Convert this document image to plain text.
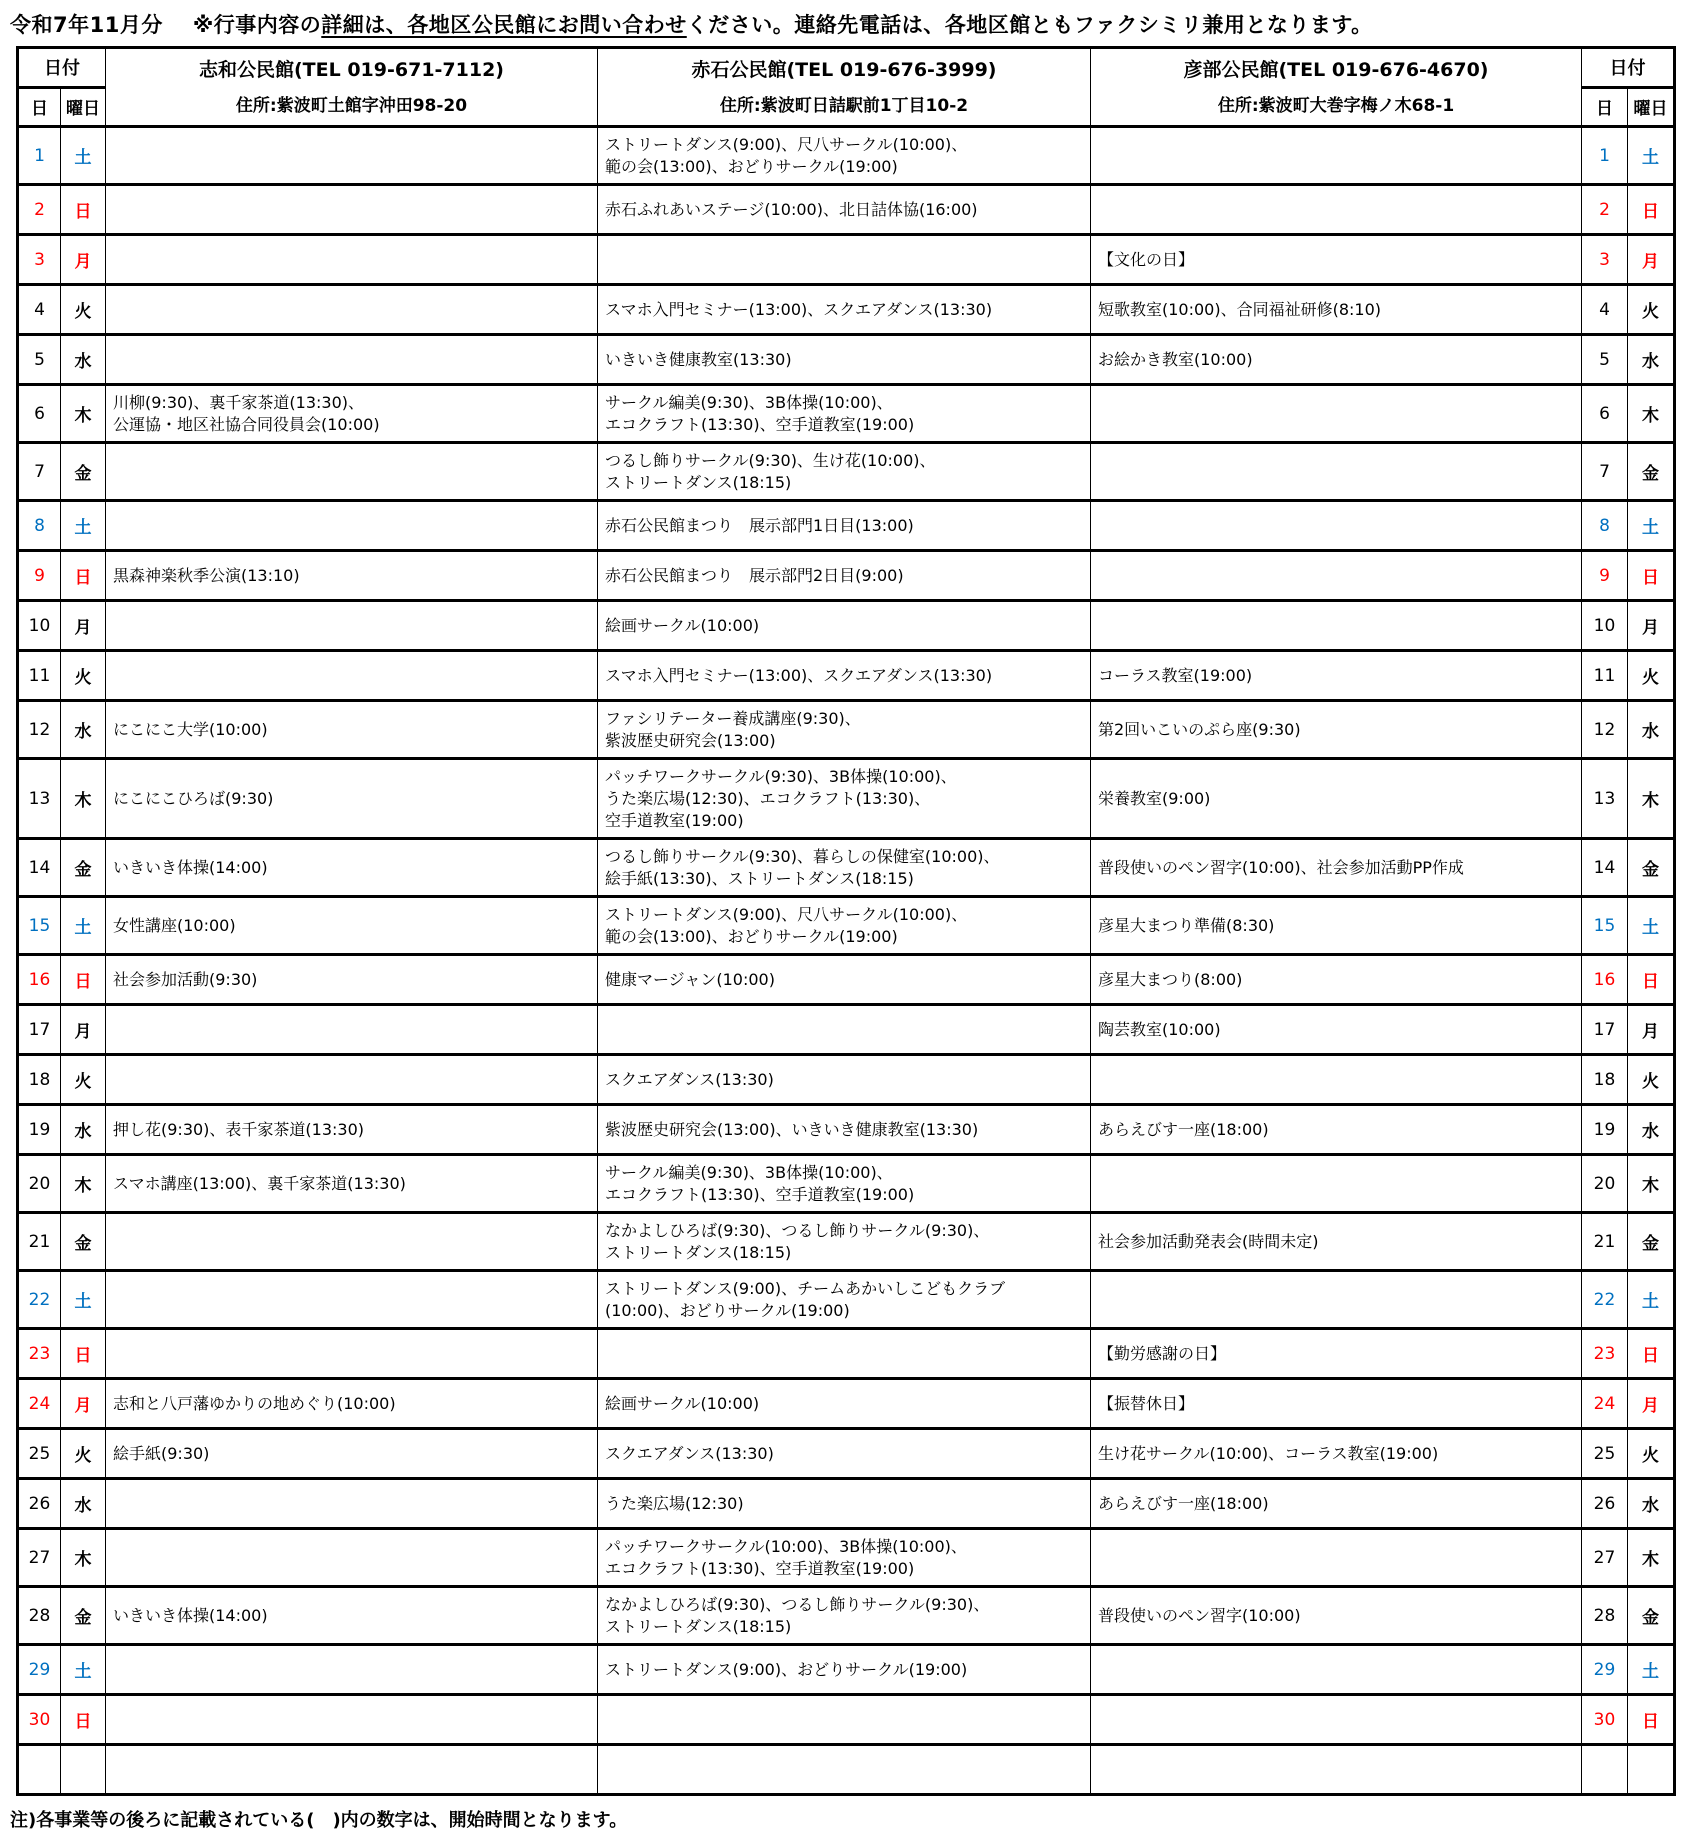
令和7年11月分 ※行事内容の詳細は、各地区公民館にお問い合わせください。連絡先電話は、各地区館ともファクシミリ兼用となります。
日付	志和公民館(TEL 019-671-7112)
住所:紫波町土館字沖田98-20

赤石公民館(TEL 019-676-3999)
住所:紫波町日詰駅前1丁目10-2

彦部公民館(TEL 019-676-4670)
住所:紫波町大巻字梅ノ木68-1
	日付
日	曜日				日	曜日
1	土		ストリートダンス(9:00)、尺八サークル(10:00)、
範の会(13:00)、おどりサークル(19:00)		1	土
2	日		赤石ふれあいステージ(10:00)、北日詰体協(16:00)		2	日
3	月			【文化の日】	3	月
4	火		スマホ入門セミナー(13:00)、スクエアダンス(13:30)	短歌教室(10:00)、合同福祉研修(8:10)	4	火
5	水		いきいき健康教室(13:30)	お絵かき教室(10:00)	5	水
6	木	
川柳(9:30)、裏千家茶道(13:30)、
公運協・地区社協合同役員会(10:00)

サークル編美(9:30)、3B体操(10:00)、
エコクラフト(13:30)、空手道教室(19:00)
		6	木
7	金		つるし飾りサークル(9:30)、生け花(10:00)、
ストリートダンス(18:15)		7	金
8	土		赤石公民館まつり　展示部門1日目(13:00)		8	土
9	日	黒森神楽秋季公演(13:10)	赤石公民館まつり　展示部門2日目(9:00)		9	日
10	月		絵画サークル(10:00)		10	月
11	火		スマホ入門セミナー(13:00)、スクエアダンス(13:30)	コーラス教室(19:00)	11	火
12	水	にこにこ大学(10:00)	ファシリテーター養成講座(9:30)、
紫波歴史研究会(13:00)	第2回いこいのぷら座(9:30)	12	水
13	木	にこにこひろば(9:30)	パッチワークサークル(9:30)、3B体操(10:00)、
うた楽広場(12:30)、エコクラフト(13:30)、
空手道教室(19:00)	栄養教室(9:00)	13	木
14	金	いきいき体操(14:00)	つるし飾りサークル(9:30)、暮らしの保健室(10:00)、
絵手紙(13:30)、ストリートダンス(18:15)	普段使いのペン習字(10:00)、社会参加活動PP作成	14	金
15	土	女性講座(10:00)	ストリートダンス(9:00)、尺八サークル(10:00)、
範の会(13:00)、おどりサークル(19:00)	彦星大まつり準備(8:30)	15	土
16	日	社会参加活動(9:30)	健康マージャン(10:00)	彦星大まつり(8:00)	16	日
17	月			陶芸教室(10:00)	17	月
18	火		スクエアダンス(13:30)		18	火
19	水	押し花(9:30)、表千家茶道(13:30)	紫波歴史研究会(13:00)、いきいき健康教室(13:30)	あらえびす一座(18:00)	19	水
20	木	スマホ講座(13:00)、裏千家茶道(13:30)	サークル編美(9:30)、3B体操(10:00)、
エコクラフト(13:30)、空手道教室(19:00)		20	木
21	金		なかよしひろば(9:30)、つるし飾りサークル(9:30)、
ストリートダンス(18:15)	社会参加活動発表会(時間未定)	21	金
22	土		ストリートダンス(9:00)、チームあかいしこどもクラブ
(10:00)、おどりサークル(19:00)		22	土
23	日			【勤労感謝の日】	23	日
24	月	志和と八戸藩ゆかりの地めぐり(10:00)	絵画サークル(10:00)	【振替休日】	24	月
25	火	絵手紙(9:30)	スクエアダンス(13:30)	生け花サークル(10:00)、コーラス教室(19:00)	25	火
26	水		うた楽広場(12:30)	あらえびす一座(18:00)	26	水
27	木		パッチワークサークル(10:00)、3B体操(10:00)、
エコクラフト(13:30)、空手道教室(19:00)		27	木
28	金	いきいき体操(14:00)	なかよしひろば(9:30)、つるし飾りサークル(9:30)、
ストリートダンス(18:15)	普段使いのペン習字(10:00)	28	金
29	土		ストリートダンス(9:00)、おどりサークル(19:00)		29	土
30	日				30	日

注)各事業等の後ろに記載されている(　)内の数字は、開始時間となります。
